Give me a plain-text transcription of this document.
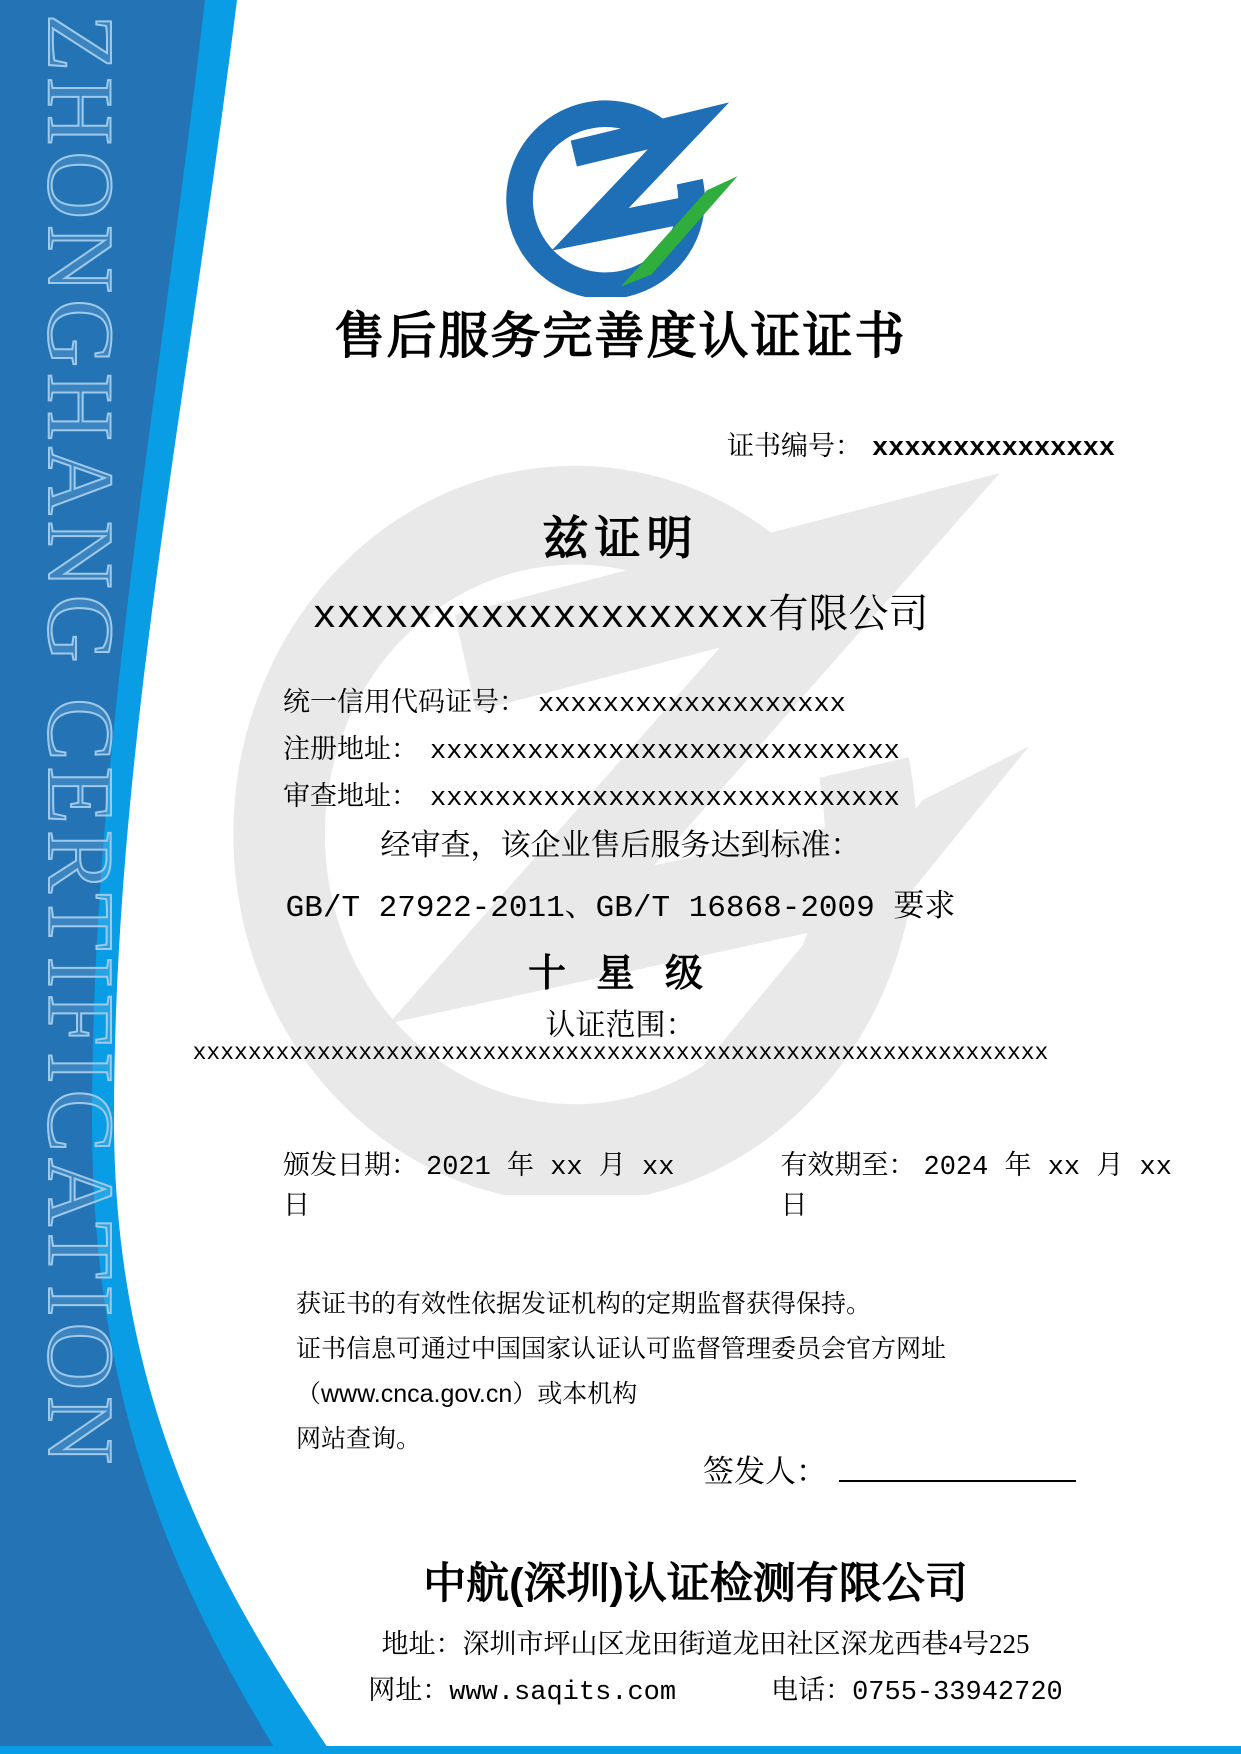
ZHONGHANG CERTIFICATION	售后服务完善度认证证书
证书编号： xxxxxxxxxxxxxxx
兹证明
xxxxxxxxxxxxxxxxxxx有限公司
统一信用代码证号： xxxxxxxxxxxxxxxxxxx
注册地址： xxxxxxxxxxxxxxxxxxxxxxxxxxxxx
审查地址： xxxxxxxxxxxxxxxxxxxxxxxxxxxxx
经审查，该企业售后服务达到标准：
GB/T 27922-2011、GB/T 16868-2009 要求
十 星 级
认证范围：
xxxxxxxxxxxxxxxxxxxxxxxxxxxxxxxxxxxxxxxxxxxxxxxxxxxxxxxxxxxxxx
颁发日期： 2021 年 xx 月 xx 日
有效期至： 2024 年 xx 月 xx 日
获证书的有效性依据发证机构的定期监督获得保持。
证书信息可通过中国国家认证认可监督管理委员会官方网址（www.cnca.gov.cn）或本机构
网站查询。
签发人：
中航(深圳)认证检测有限公司
地址：深圳市坪山区龙田街道龙田社区深龙西巷4号225
网址：www.saqits.com	电话：0755-33942720
